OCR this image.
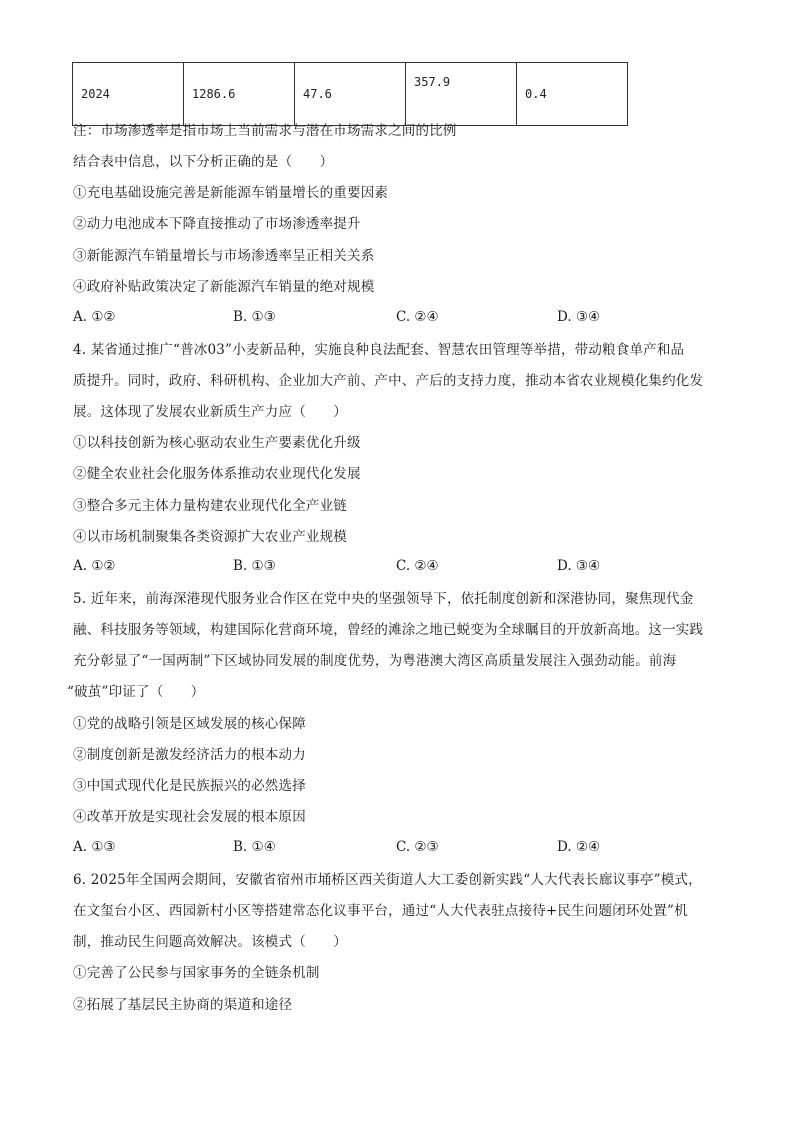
2024	1286.6	47.6	357.9	0.4
注：市场渗透率是指市场上当前需求与潜在市场需求之间的比例
结合表中信息，以下分析正确的是（　　）
①充电基础设施完善是新能源车销量增长的重要因素
②动力电池成本下降直接推动了市场渗透率提升
③新能源汽车销量增长与市场渗透率呈正相关关系
④政府补贴政策决定了新能源汽车销量的绝对规模
A. ①②	B. ①③	C. ②④	D. ③④
4. 某省通过推广“普冰03”小麦新品种，实施良种良法配套、智慧农田管理等举措，带动粮食单产和品
质提升。同时，政府、科研机构、企业加大产前、产中、产后的支持力度，推动本省农业规模化集约化发
展。这体现了发展农业新质生产力应（　　）
①以科技创新为核心驱动农业生产要素优化升级
②健全农业社会化服务体系推动农业现代化发展
③整合多元主体力量构建农业现代化全产业链
④以市场机制聚集各类资源扩大农业产业规模
A. ①②	B. ①③	C. ②④	D. ③④
5. 近年来，前海深港现代服务业合作区在党中央的坚强领导下，依托制度创新和深港协同，聚焦现代金
融、科技服务等领域，构建国际化营商环境，曾经的滩涂之地已蜕变为全球瞩目的开放新高地。这一实践
充分彰显了“一国两制”下区域协同发展的制度优势，为粤港澳大湾区高质量发展注入强劲动能。前海
“破茧”印证了（　　）
①党的战略引领是区域发展的核心保障
②制度创新是激发经济活力的根本动力
③中国式现代化是民族振兴的必然选择
④改革开放是实现社会发展的根本原因
A. ①③	B. ①④	C. ②③	D. ②④
6. 2025年全国两会期间，安徽省宿州市埇桥区西关街道人大工委创新实践“人大代表长廊议事亭”模式，
在文玺台小区、西园新村小区等搭建常态化议事平台，通过“人大代表驻点接待+民生问题闭环处置”机
制，推动民生问题高效解决。该模式（　　）
①完善了公民参与国家事务的全链条机制
②拓展了基层民主协商的渠道和途径
